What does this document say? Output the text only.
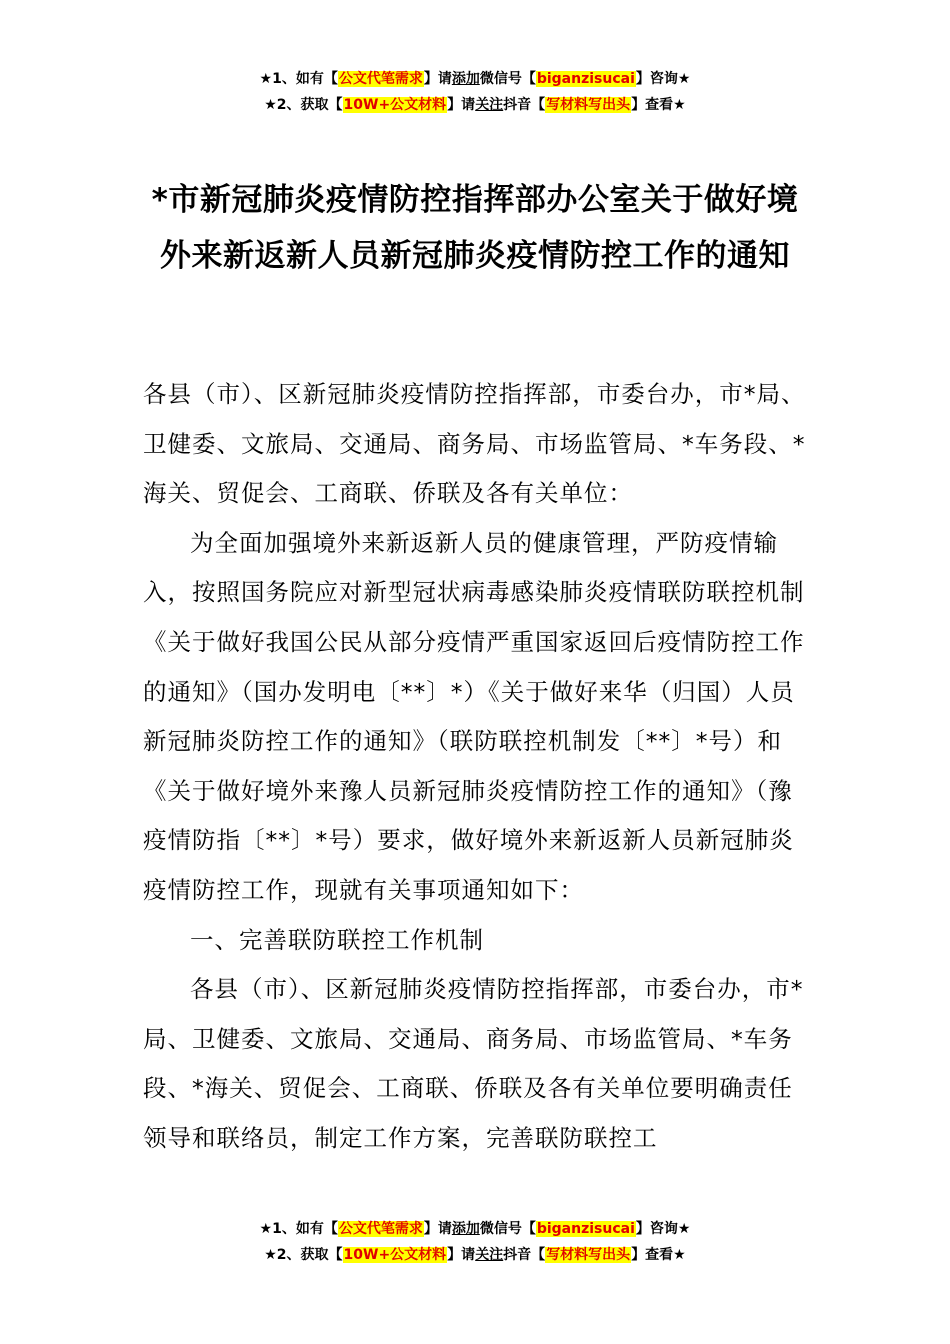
★1、如有【公文代笔需求】请添加微信号【biganzisucai】咨询★
★2、获取【10W+公文材料】请关注抖音【写材料写出头】查看★
*市新冠肺炎疫情防控指挥部办公室关于做好境外来新返新人员新冠肺炎疫情防控工作的通知

各县（市）、区新冠肺炎疫情防控指挥部，市委台办，市*局、卫健委、文旅局、交通局、商务局、市场监管局、*车务段、*海关、贸促会、工商联、侨联及各有关单位：

为全面加强境外来新返新人员的健康管理，严防疫情输入，按照国务院应对新型冠状病毒感染肺炎疫情联防联控机制《关于做好我国公民从部分疫情严重国家返回后疫情防控工作的通知》（国办发明电〔**〕*）《关于做好来华（归国）人员新冠肺炎防控工作的通知》（联防联控机制发〔**〕*号）和《关于做好境外来豫人员新冠肺炎疫情防控工作的通知》（豫疫情防指〔**〕*号）要求，做好境外来新返新人员新冠肺炎疫情防控工作，现就有关事项通知如下：

一、完善联防联控工作机制

各县（市）、区新冠肺炎疫情防控指挥部，市委台办，市*局、卫健委、文旅局、交通局、商务局、市场监管局、*车务段、*海关、贸促会、工商联、侨联及各有关单位要明确责任领导和联络员，制定工作方案，完善联防联控工

★1、如有【公文代笔需求】请添加微信号【biganzisucai】咨询★
★2、获取【10W+公文材料】请关注抖音【写材料写出头】查看★
